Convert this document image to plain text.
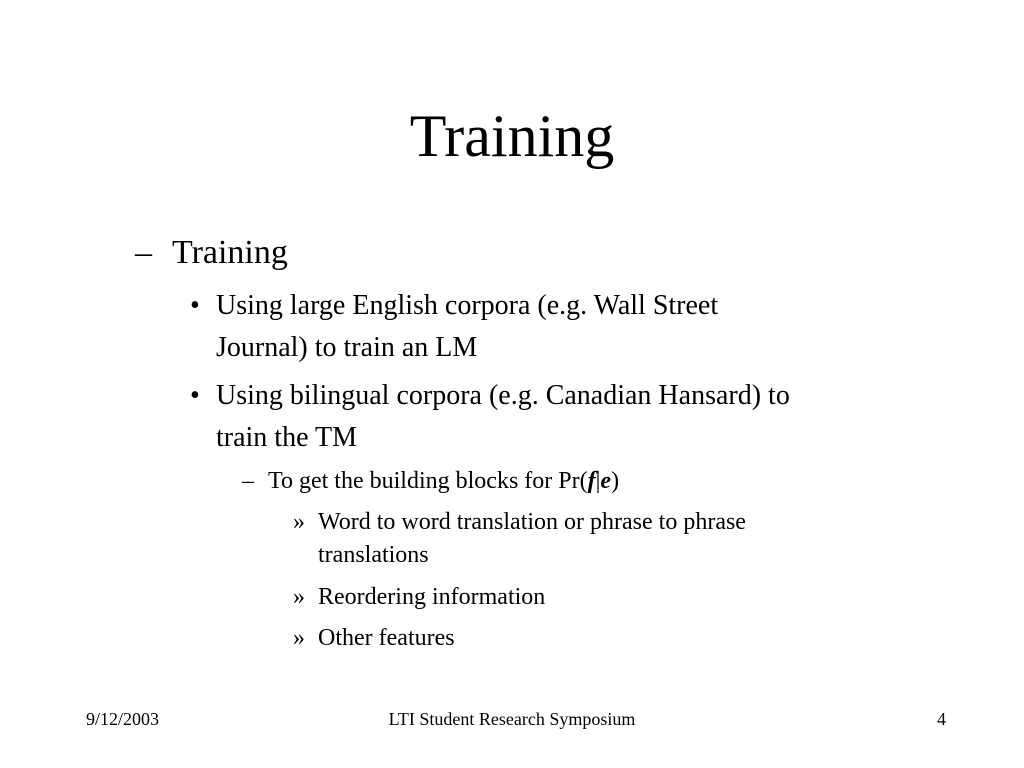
Training
– Training
• Using large English corpora (e.g. Wall Street
Journal) to train an LM
• Using bilingual corpora (e.g. Canadian Hansard) to
train the TM
– To get the building blocks for Pr(f|e)
» Word to word translation or phrase to phrase
translations
» Reordering information
» Other features
9/12/2003	LTI Student Research Symposium	4
